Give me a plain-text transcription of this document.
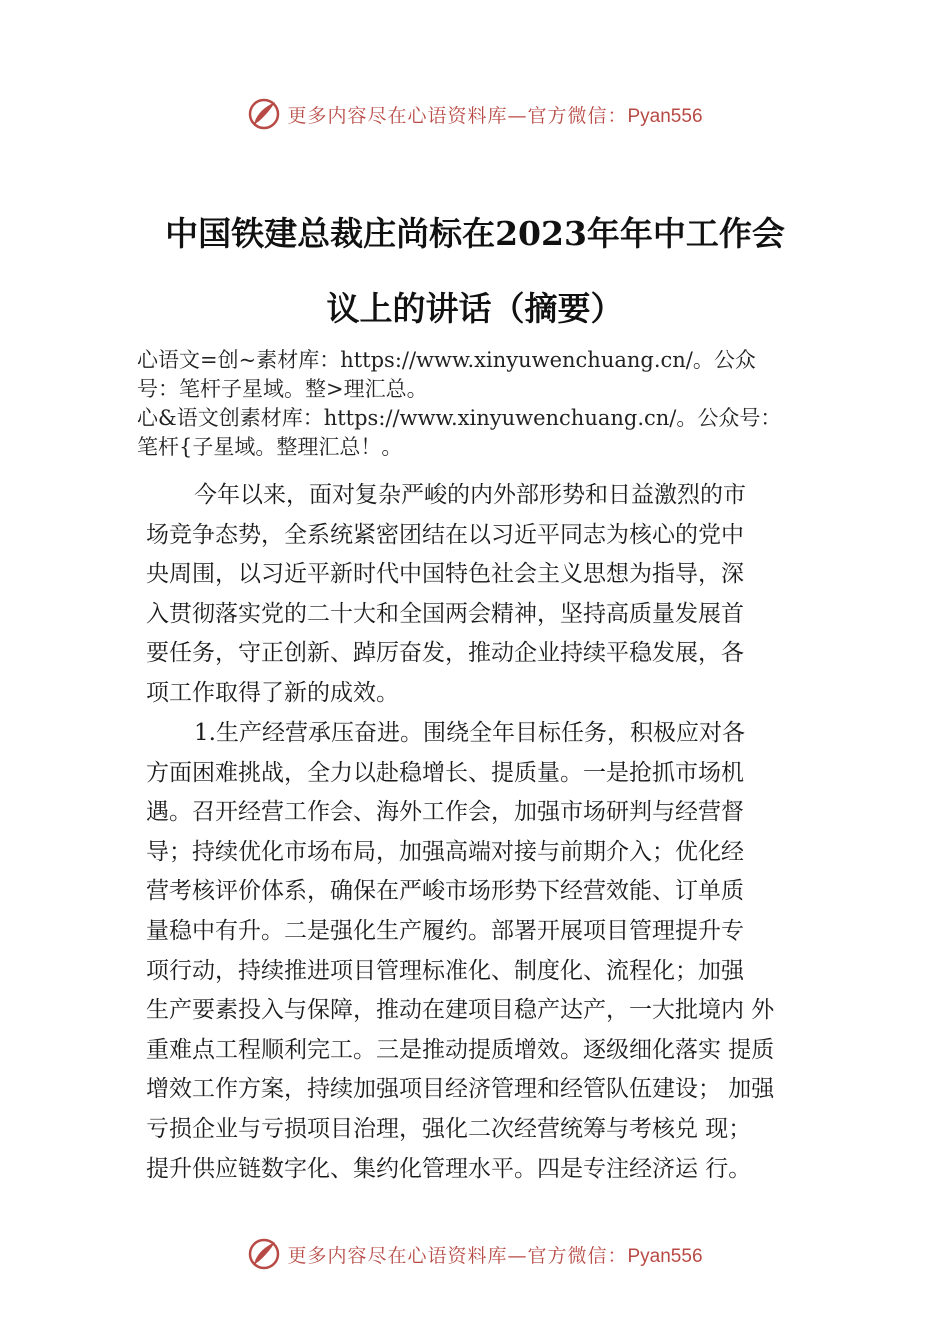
更多内容尽在心语资料库—官方微信：Pyan556
中国铁建总裁庄尚标在2023年年中工作会
议上的讲话（摘要）
心语文=创~素材库：https://www.xinyuwenchuang.cn/。公众
号：笔杆子星域。整>理汇总。
心&语文创素材库：https://www.xinyuwenchuang.cn/。公众号：
笔杆{子星域。整理汇总！。
今年以来，面对复杂严峻的内外部形势和日益激烈的市
场竞争态势，全系统紧密团结在以习近平同志为核心的党中
央周围，以习近平新时代中国特色社会主义思想为指导，深
入贯彻落实党的二十大和全国两会精神，坚持高质量发展首
要任务，守正创新、踔厉奋发，推动企业持续平稳发展，各
项工作取得了新的成效。
1.生产经营承压奋进。围绕全年目标任务，积极应对各
方面困难挑战，全力以赴稳增长、提质量。一是抢抓市场机
遇。召开经营工作会、海外工作会，加强市场研判与经营督
导；持续优化市场布局，加强高端对接与前期介入；优化经
营考核评价体系，确保在严峻市场形势下经营效能、订单质
量稳中有升。二是强化生产履约。部署开展项目管理提升专
项行动，持续推进项目管理标准化、制度化、流程化；加强
生产要素投入与保障，推动在建项目稳产达产，一大批境内 外
重难点工程顺利完工。三是推动提质增效。逐级细化落实 提质
增效工作方案，持续加强项目经济管理和经管队伍建设； 加强
亏损企业与亏损项目治理，强化二次经营统筹与考核兑 现；
提升供应链数字化、集约化管理水平。四是专注经济运 行。
更多内容尽在心语资料库—官方微信：Pyan556
